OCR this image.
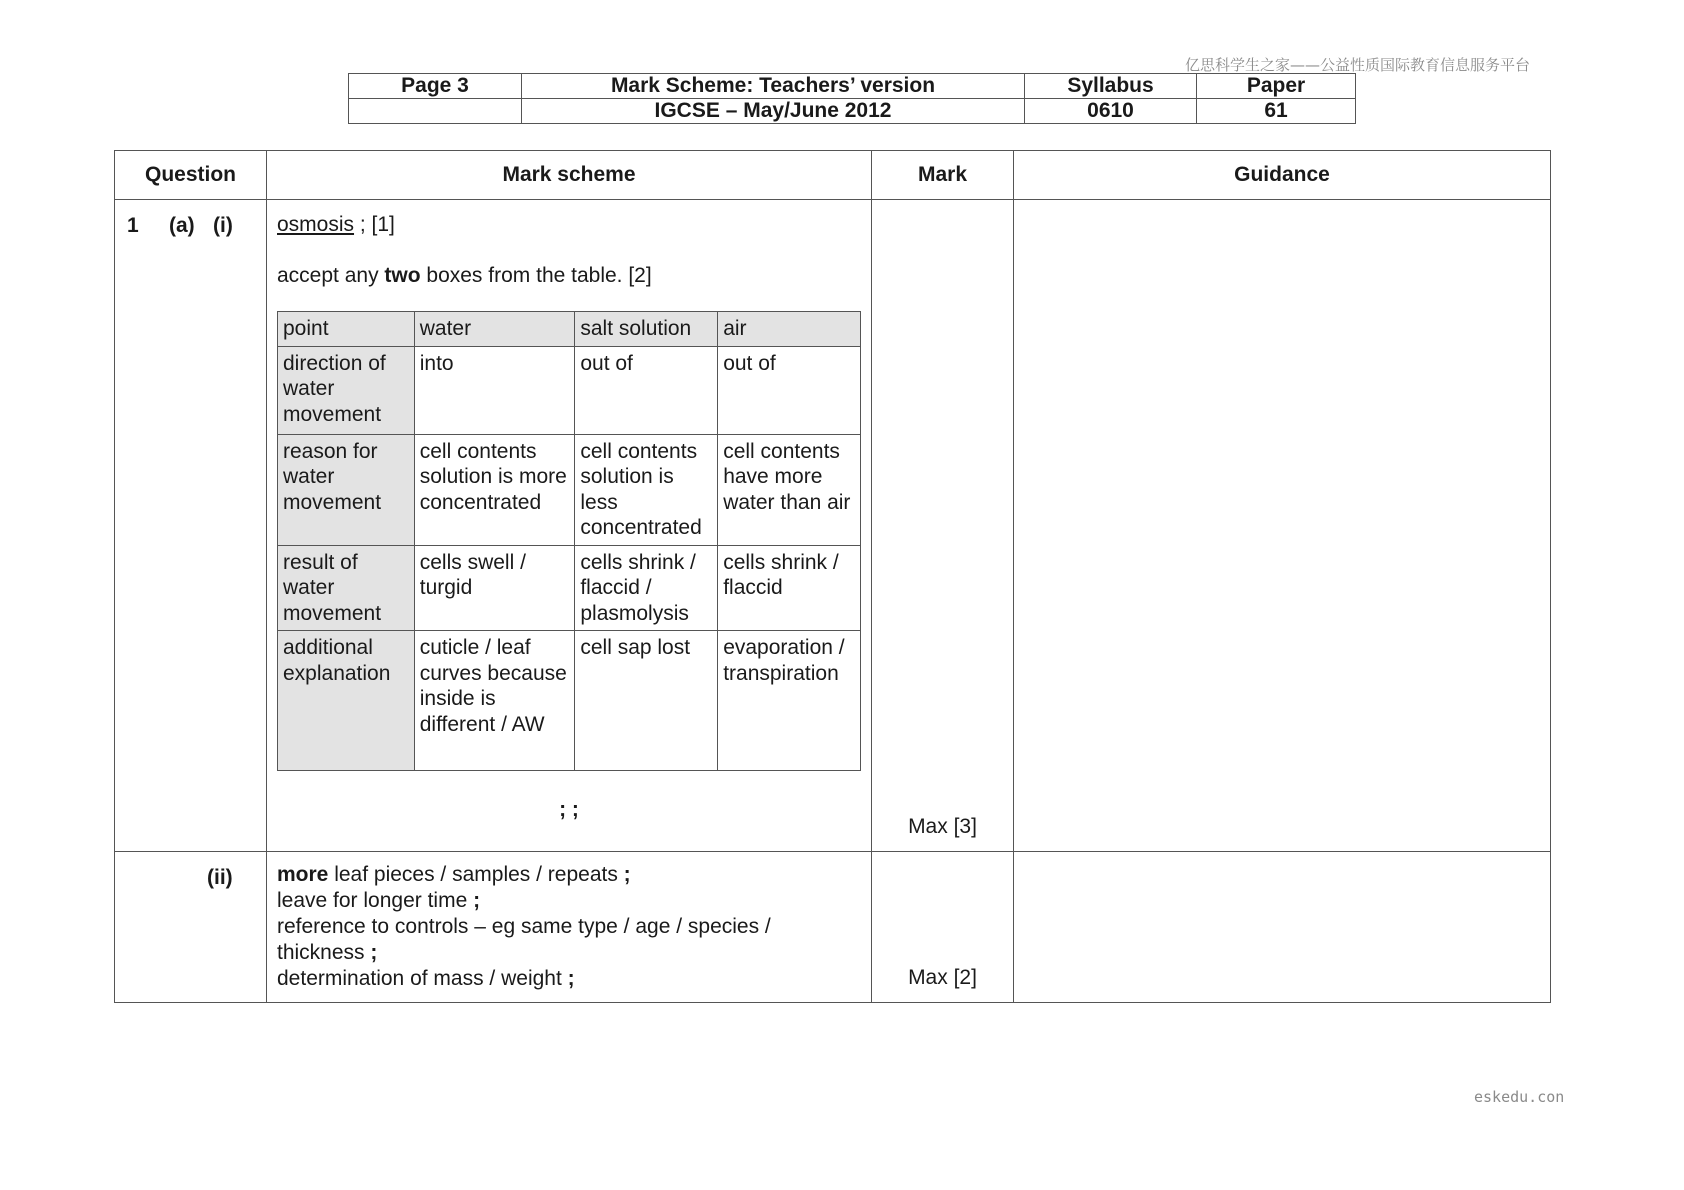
亿思科学生之家——公益性质国际教育信息服务平台
Page 3	Mark Scheme: Teachers’ version	Syllabus	Paper
	IGCSE – May/June 2012	0610	61
Question	Mark scheme	Mark	Guidance

1 (a) (i)	osmosis ; [1]
accept any two boxes from the table. [2]
point	water	salt solution	air
direction of water movement	into	out of	out of
reason for water movement	cell contents solution is more concentrated	cell contents solution is less concentrated	cell contents have more water than air
result of water movement	cells swell / turgid	cells shrink / flaccid / plasmolysis	cells shrink / flaccid
additional explanation	cuticle / leaf curves because inside is different / AW	cell sap lost	evaporation / transpiration
; ;

Max [3]

(ii)	more leaf pieces / samples / repeats ;
leave for longer time ;
reference to controls – eg same type / age / species / thickness ;
determination of mass / weight ;	Max [2]

eskedu.con
